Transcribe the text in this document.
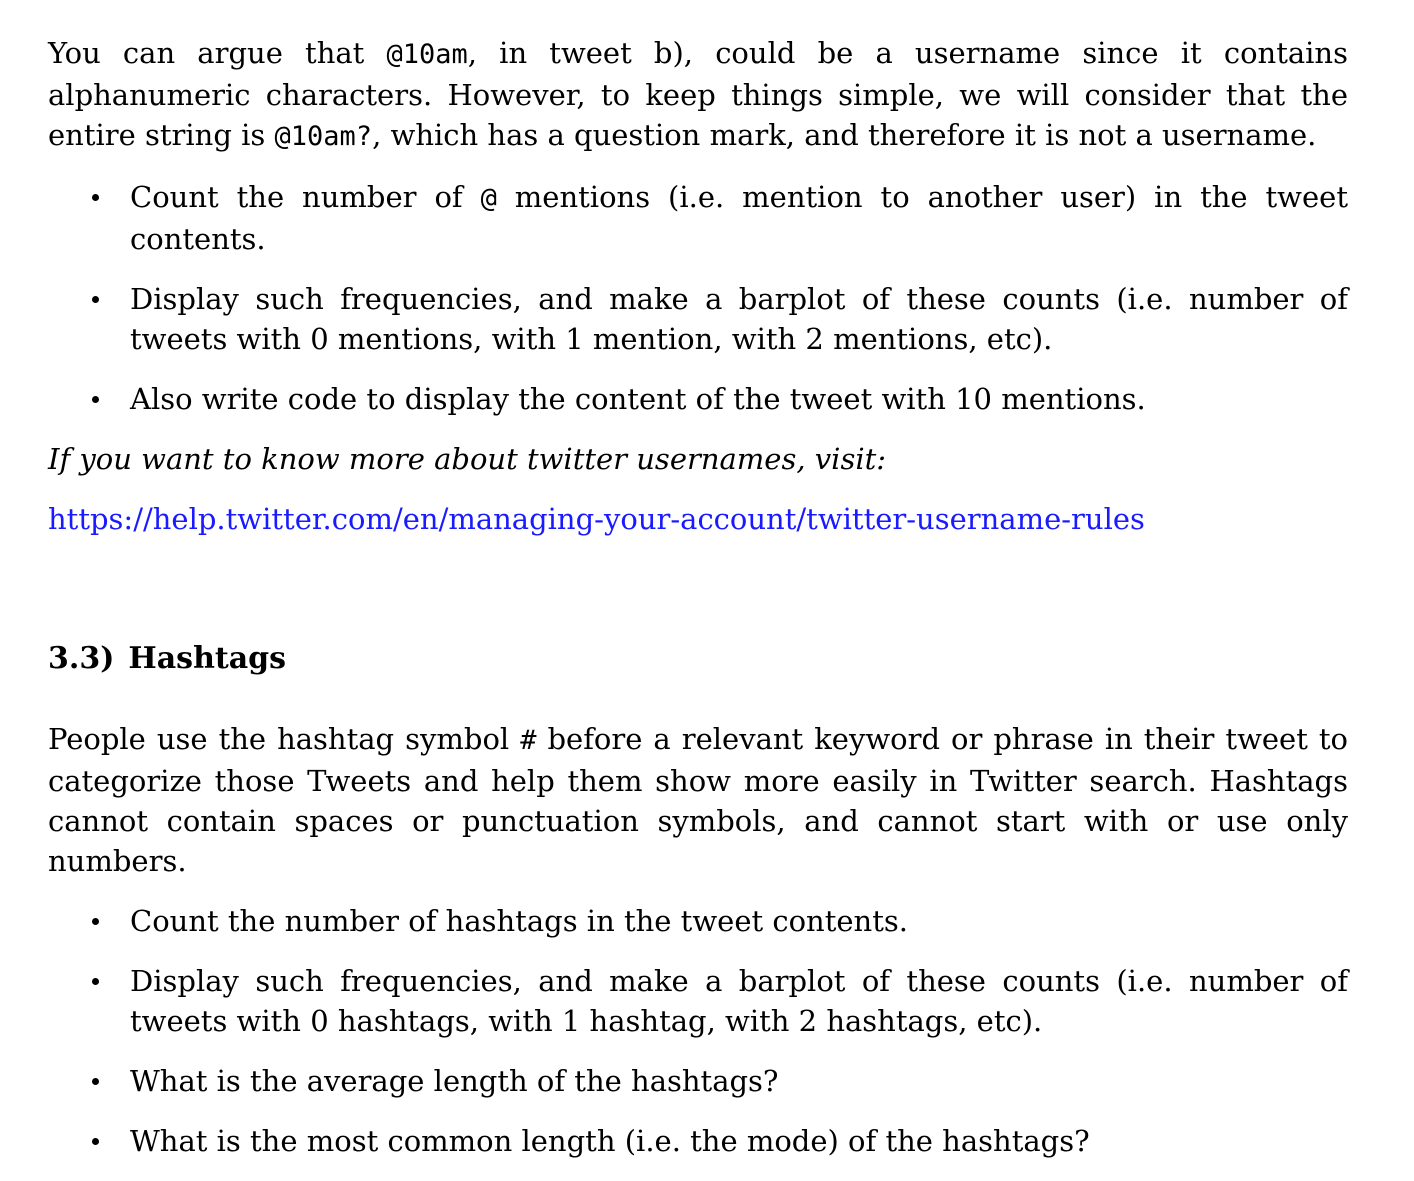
You can argue that @10am, in tweet b), could be a username since it contains alphanumeric characters. However, to keep things simple, we will consider that the entire string is @10am?, which has a question mark, and therefore it is not a username.

Count the number of @ mentions (i.e. mention to another user) in the tweet contents.
Display such frequencies, and make a barplot of these counts (i.e. number of tweets with 0 mentions, with 1 mention, with 2 mentions, etc).
Also write code to display the content of the tweet with 10 mentions.

If you want to know more about twitter usernames, visit:

https://help.twitter.com/en/managing-your-account/twitter-username-rules
3.3) Hashtags

People use the hashtag symbol # before a relevant keyword or phrase in their tweet to categorize those Tweets and help them show more easily in Twitter search. Hashtags cannot contain spaces or punctuation symbols, and cannot start with or use only numbers.

Count the number of hashtags in the tweet contents.
Display such frequencies, and make a barplot of these counts (i.e. number of tweets with 0 hashtags, with 1 hashtag, with 2 hashtags, etc).
What is the average length of the hashtags?
What is the most common length (i.e. the mode) of the hashtags?
